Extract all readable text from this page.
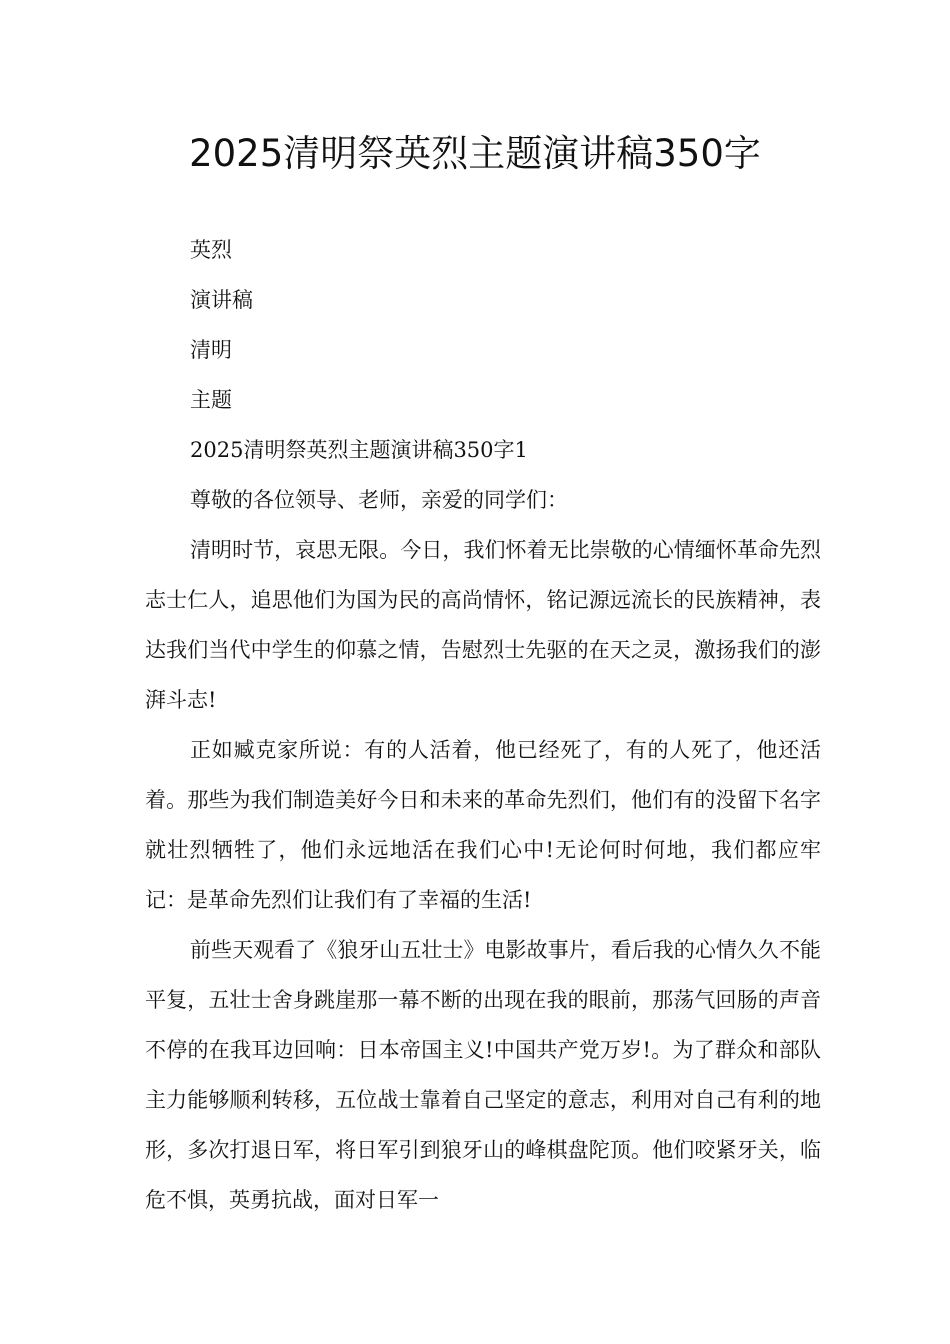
2025清明祭英烈主题演讲稿350字
英烈
演讲稿
清明
主题
2025清明祭英烈主题演讲稿350字1
尊敬的各位领导、老师，亲爱的同学们：

清明时节，哀思无限。今日，我们怀着无比崇敬的心情缅怀革命先烈志士仁人，追思他们为国为民的高尚情怀，铭记源远流长的民族精神，表达我们当代中学生的仰慕之情，告慰烈士先驱的在天之灵，激扬我们的澎湃斗志!

正如臧克家所说：有的人活着，他已经死了，有的人死了，他还活着。那些为我们制造美好今日和未来的革命先烈们，他们有的没留下名字就壮烈牺牲了，他们永远地活在我们心中!无论何时何地，我们都应牢记：是革命先烈们让我们有了幸福的生活!

前些天观看了《狼牙山五壮士》电影故事片，看后我的心情久久不能平复，五壮士舍身跳崖那一幕不断的出现在我的眼前，那荡气回肠的声音不停的在我耳边回响：日本帝国主义!中国共产党万岁!。为了群众和部队主力能够顺利转移，五位战士靠着自己坚定的意志，利用对自己有利的地形，多次打退日军，将日军引到狼牙山的峰棋盘陀顶。他们咬紧牙关，临危不惧，英勇抗战，面对日军一
